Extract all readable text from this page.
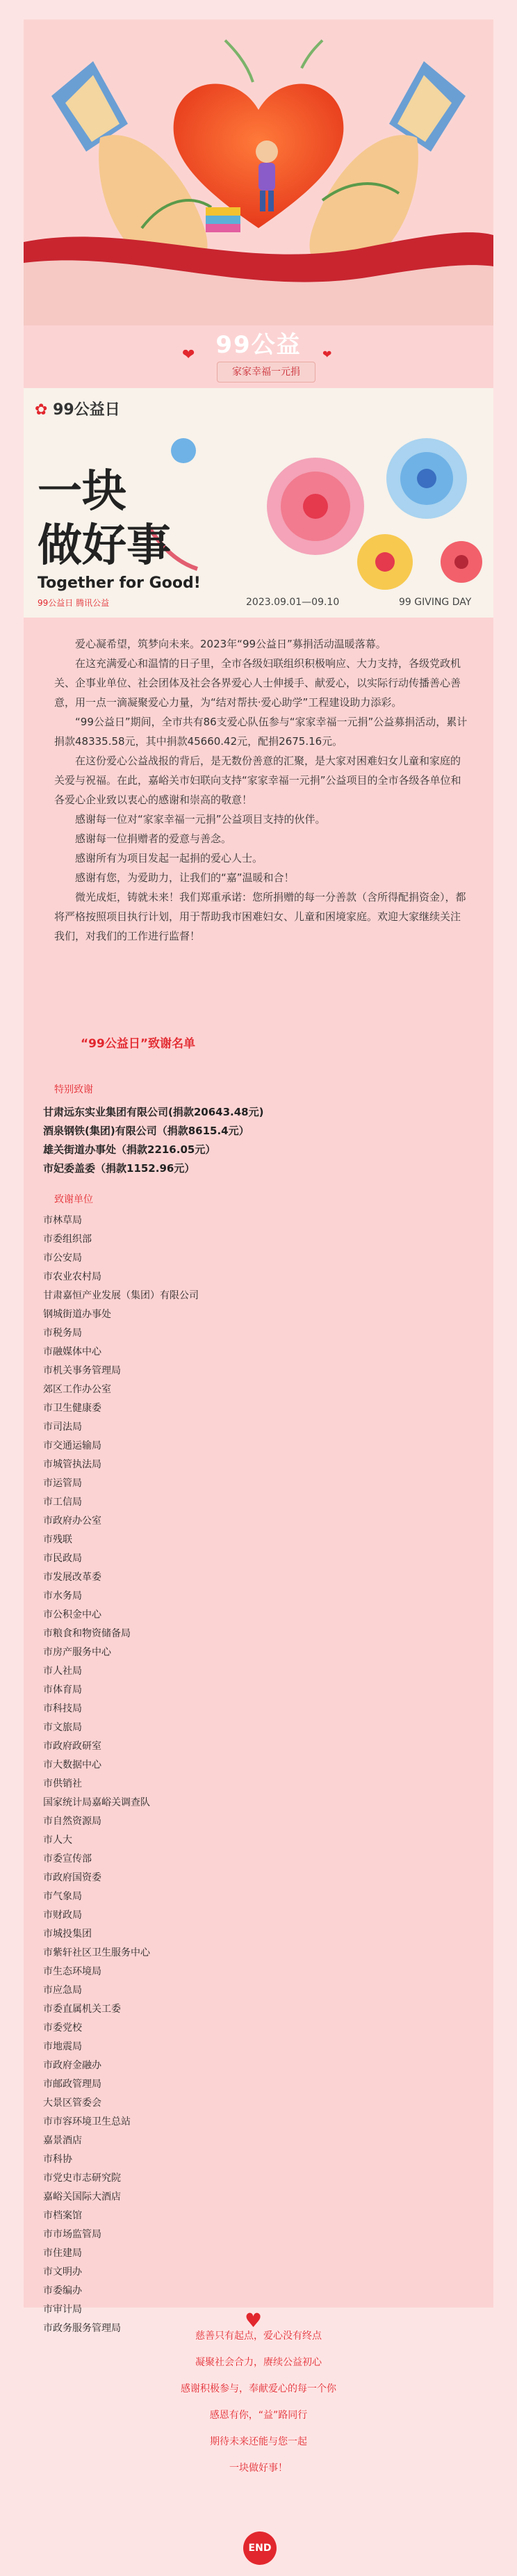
99公益
❤	❤
家家幸福一元捐
✿ 99公益日
一块
做好事
Together for Good!
99公益日 腾讯公益	2023.09.01—09.10	99 GIVING DAY

爱心凝希望，筑梦向未来。2023年“99公益日”募捐活动温暖落幕。

在这充满爱心和温情的日子里，全市各级妇联组织积极响应、大力支持，各级党政机关、企事业单位、社会团体及社会各界爱心人士伸援手、献爱心，以实际行动传播善心善意，用一点一滴凝聚爱心力量，为“结对帮扶·爱心助学”工程建设助力添彩。

“99公益日”期间，全市共有86支爱心队伍参与“家家幸福一元捐”公益募捐活动，累计捐款48335.58元，其中捐款45660.42元，配捐2675.16元。

在这份爱心公益战报的背后，是无数份善意的汇聚，是大家对困难妇女儿童和家庭的关爱与祝福。在此，嘉峪关市妇联向支持“家家幸福一元捐”公益项目的全市各级各单位和各爱心企业致以衷心的感谢和崇高的敬意！

感谢每一位对“家家幸福一元捐”公益项目支持的伙伴。

感谢每一位捐赠者的爱意与善念。

感谢所有为项目发起一起捐的爱心人士。

感谢有您，为爱助力，让我们的“嘉”温暖和合！

微光成炬，铸就未来！我们郑重承诺：您所捐赠的每一分善款（含所得配捐资金），都将严格按照项目执行计划，用于帮助我市困难妇女、儿童和困境家庭。欢迎大家继续关注我们，对我们的工作进行监督！

“99公益日”致谢名单
特别致谢
甘肃远东实业集团有限公司(捐款20643.48元)
酒泉钢铁(集团)有限公司（捐款8615.4元）
雄关街道办事处（捐款2216.05元）
市妃委盖委（捐款1152.96元）
致谢单位
市林草局
市委组织部
市公安局
市农业农村局
甘肃嘉恒产业发展（集团）有限公司
钢城街道办事处
市税务局
市融媒体中心
市机关事务管理局
郊区工作办公室
市卫生健康委
市司法局
市交通运输局
市城管执法局
市运管局
市工信局
市政府办公室
市残联
市民政局
市发展改革委
市水务局
市公积金中心
市粮食和物资储备局
市房产服务中心
市人社局
市体育局
市科技局
市文旅局
市政府政研室
市大数据中心
市供销社
国家统计局嘉峪关调查队
市自然资源局
市人大
市委宣传部
市政府国资委
市气象局
市财政局
市城投集团
市紫轩社区卫生服务中心
市生态环境局
市应急局
市委直属机关工委
市委党校
市地震局
市政府金融办
市邮政管理局
大景区管委会
市市容环境卫生总站
嘉景酒店
市科协
市党史市志研究院
嘉峪关国际大酒店
市档案馆
市市场监管局
市住建局
市文明办
市委编办
市审计局
市政务服务管理局	♥
慈善只有起点，爱心没有终点
凝聚社会合力，赓续公益初心
感谢积极参与，奉献爱心的每一个你
感恩有你，“益”路同行
期待未来还能与您一起
一块做好事！
END
